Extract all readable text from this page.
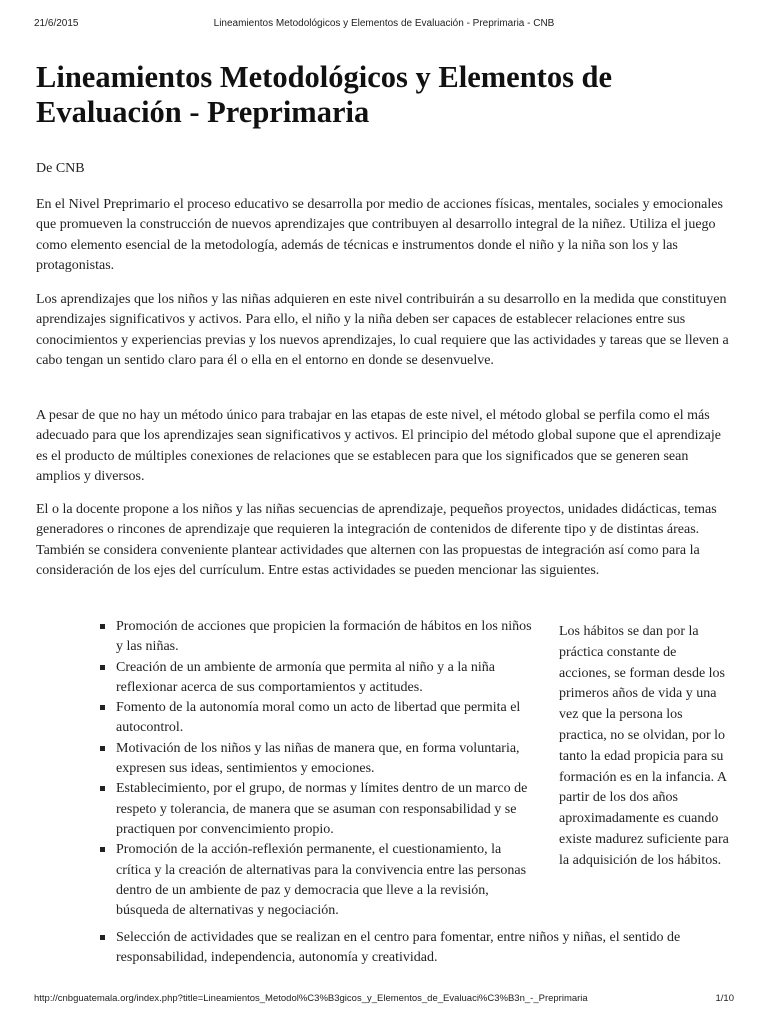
21/6/2015	Lineamientos Metodológicos y Elementos de Evaluación - Preprimaria - CNB
Lineamientos Metodológicos y Elementos de Evaluación - Preprimaria

De CNB

En el Nivel Preprimario el proceso educativo se desarrolla por medio de acciones físicas, mentales, sociales y emocionales que promueven la construcción de nuevos aprendizajes que contribuyen al desarrollo integral de la niñez. Utiliza el juego como elemento esencial de la metodología, además de técnicas e instrumentos donde el niño y la niña son los y las protagonistas.

Los aprendizajes que los niños y las niñas adquieren en este nivel contribuirán a su desarrollo en la medida que constituyen aprendizajes significativos y activos. Para ello, el niño y la niña deben ser capaces de establecer relaciones entre sus conocimientos y experiencias previas y los nuevos aprendizajes, lo cual requiere que las actividades y tareas que se lleven a cabo tengan un sentido claro para él o ella en el entorno en donde se desenvuelve.

A pesar de que no hay un método único para trabajar en las etapas de este nivel, el método global se perfila como el más adecuado para que los aprendizajes sean significativos y activos. El principio del método global supone que el aprendizaje es el producto de múltiples conexiones de relaciones que se establecen para que los significados que se generen sean amplios y diversos.

El o la docente propone a los niños y las niñas secuencias de aprendizaje, pequeños proyectos, unidades didácticas, temas generadores o rincones de aprendizaje que requieren la integración de contenidos de diferente tipo y de distintas áreas. También se considera conveniente plantear actividades que alternen con las propuestas de integración así como para la consideración de los ejes del currículum. Entre estas actividades se pueden mencionar las siguientes.

Promoción de acciones que propicien la formación de hábitos en los niños y las niñas.
Creación de un ambiente de armonía que permita al niño y a la niña reflexionar acerca de sus comportamientos y actitudes.
Fomento de la autonomía moral como un acto de libertad que permita el autocontrol.
Motivación de los niños y las niñas de manera que, en forma voluntaria, expresen sus ideas, sentimientos y emociones.
Establecimiento, por el grupo, de normas y límites dentro de un marco de respeto y tolerancia, de manera que se asuman con responsabilidad y se practiquen por convencimiento propio.
Promoción de la acción-reflexión permanente, el cuestionamiento, la crítica y la creación de alternativas para la convivencia entre las personas dentro de un ambiente de paz y democracia que lleve a la revisión, búsqueda de alternativas y negociación.
Los hábitos se dan por la práctica constante de acciones, se forman desde los primeros años de vida y una vez que la persona los practica, no se olvidan, por lo tanto la edad propicia para su formación es en la infancia. A partir de los dos años aproximadamente es cuando existe madurez suficiente para la adquisición de los hábitos.
Selección de actividades que se realizan en el centro para fomentar, entre niños y niñas, el sentido de responsabilidad, independencia, autonomía y creatividad.
http://cnbguatemala.org/index.php?title=Lineamientos_Metodol%C3%B3gicos_y_Elementos_de_Evaluaci%C3%B3n_-_Preprimaria	1/10
